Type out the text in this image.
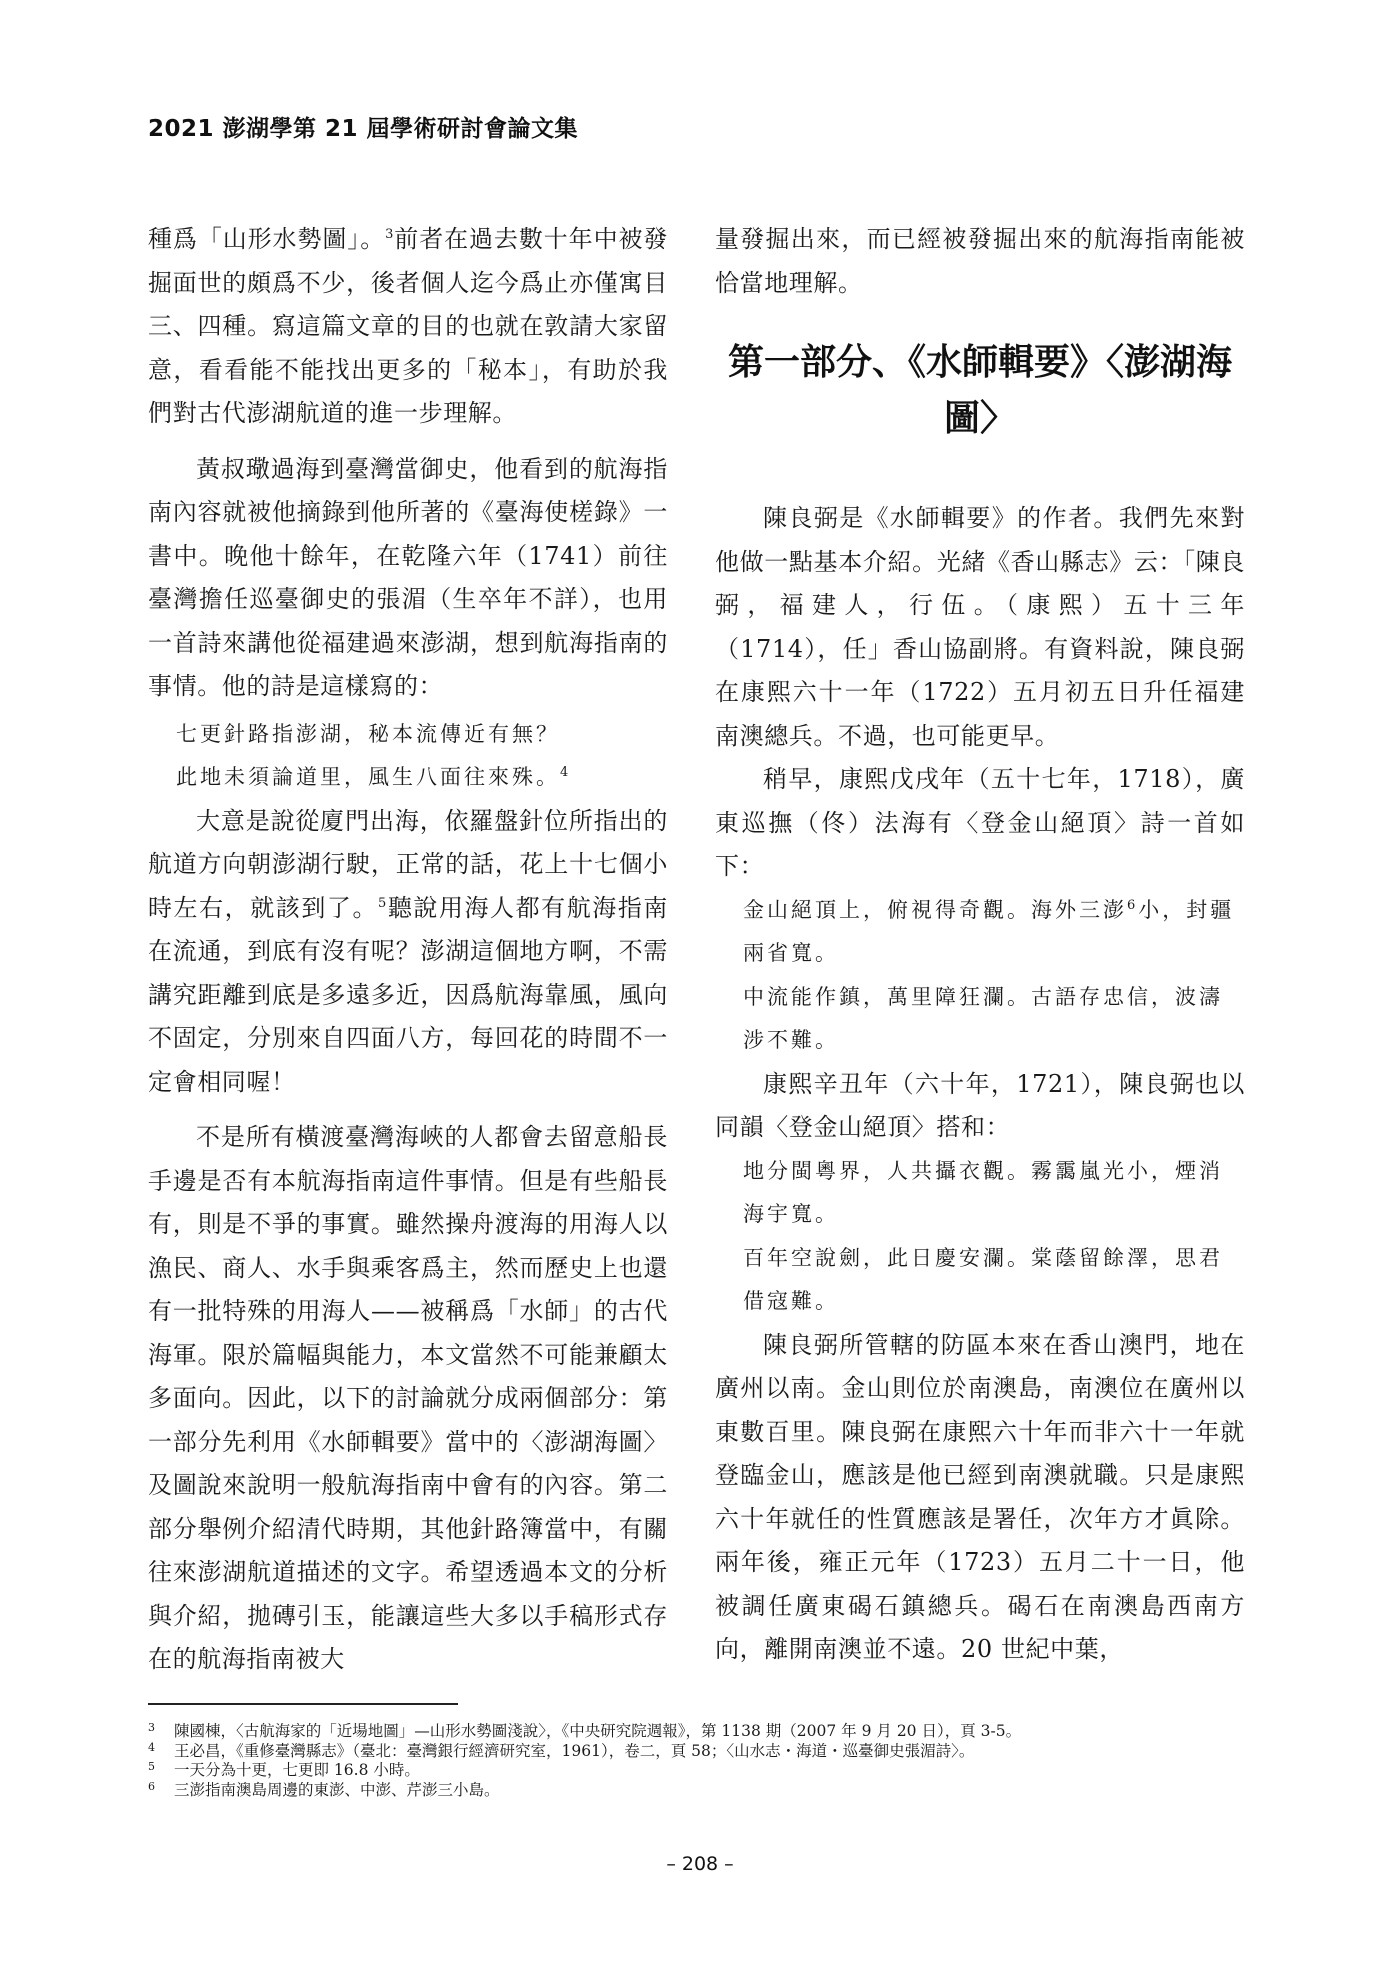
2021 澎湖學第 21 屆學術研討會論文集

種爲「山形水勢圖」。$^3$前者在過去數十年中被發掘面世的頗爲不少，後者個人迄今爲止亦僅寓目三、四種。寫這篇文章的目的也就在敦請大家留意，看看能不能找出更多的「秘本」，有助於我們對古代澎湖航道的進一步理解。

黃叔璥過海到臺灣當御史，他看到的航海指南內容就被他摘錄到他所著的《臺海使槎錄》一書中。晚他十餘年，在乾隆六年（1741）前往臺灣擔任巡臺御史的張湄（生卒年不詳），也用一首詩來講他從福建過來澎湖，想到航海指南的事情。他的詩是這樣寫的：

七更針路指澎湖，秘本流傳近有無？

此地未須論道里，風生八面往來殊。$^4$

大意是說從廈門出海，依羅盤針位所指出的航道方向朝澎湖行駛，正常的話，花上十七個小時左右，就該到了。$^5$聽說用海人都有航海指南在流通，到底有沒有呢？澎湖這個地方啊，不需講究距離到底是多遠多近，因爲航海靠風，風向不固定，分別來自四面八方，每回花的時間不一定會相同喔！

不是所有橫渡臺灣海峽的人都會去留意船長手邊是否有本航海指南這件事情。但是有些船長有，則是不爭的事實。雖然操舟渡海的用海人以漁民、商人、水手與乘客爲主，然而歷史上也還有一批特殊的用海人——被稱爲「水師」的古代海軍。限於篇幅與能力，本文當然不可能兼顧太多面向。因此，以下的討論就分成兩個部分：第一部分先利用《水師輯要》當中的〈澎湖海圖〉及圖說來說明一般航海指南中會有的內容。第二部分舉例介紹清代時期，其他針路簿當中，有關往來澎湖航道描述的文字。希望透過本文的分析與介紹，拋磚引玉，能讓這些大多以手稿形式存在的航海指南被大

量發掘出來，而已經被發掘出來的航海指南能被恰當地理解。

第一部分、《水師輯要》〈澎湖海
圖〉

陳良弼是《水師輯要》的作者。我們先來對他做一點基本介紹。光緒《香山縣志》云：「陳良弼，福建人，行伍。（康熙）五十三年（1714），任」香山協副將。有資料說，陳良弼在康熙六十一年（1722）五月初五日升任福建南澳總兵。不過，也可能更早。

稍早，康熙戊戌年（五十七年，1718），廣東巡撫（佟）法海有〈登金山絕頂〉詩一首如下：

金山絕頂上，俯視得奇觀。海外三澎$^6$小，封疆兩省寬。

中流能作鎮，萬里障狂瀾。古語存忠信，波濤涉不難。

康熙辛丑年（六十年，1721），陳良弼也以同韻〈登金山絕頂〉搭和：

地分閩粵界，人共攝衣觀。霧靄嵐光小，煙消海宇寬。

百年空說劍，此日慶安瀾。棠蔭留餘澤，思君借寇難。

陳良弼所管轄的防區本來在香山澳門，地在廣州以南。金山則位於南澳島，南澳位在廣州以東數百里。陳良弼在康熙六十年而非六十一年就登臨金山，應該是他已經到南澳就職。只是康熙六十年就任的性質應該是署任，次年方才眞除。兩年後，雍正元年（1723）五月二十一日，他被調任廣東碣石鎮總兵。碣石在南澳島西南方向，離開南澳並不遠。20 世紀中葉，

3	陳國棟，〈古航海家的「近場地圖」—山形水勢圖淺說〉，《中央研究院週報》，第 1138 期（2007 年 9 月 20 日），頁 3-5。
4	王必昌，《重修臺灣縣志》（臺北：臺灣銀行經濟研究室，1961），卷二，頁 58；〈山水志・海道・巡臺御史張湄詩〉。
5	一天分為十更，七更即 16.8 小時。
6	三澎指南澳島周邊的東澎、中澎、芹澎三小島。
– 208 –
